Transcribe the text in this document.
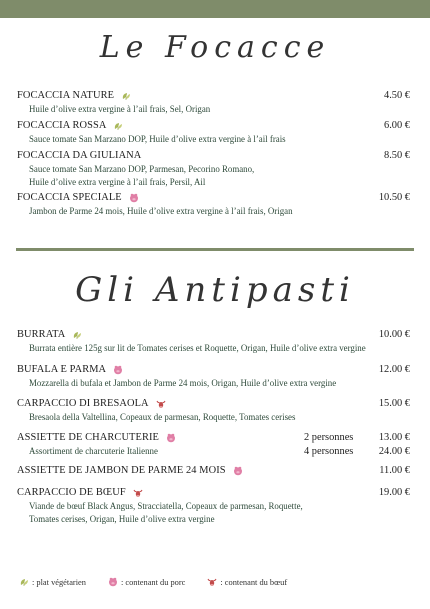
Le Focacce
FOCACCIA NATURE	4.50 €
Huile d’olive extra vergine à l’ail frais, Sel, Origan
FOCACCIA ROSSA	6.00 €
Sauce tomate San Marzano DOP, Huile d’olive extra vergine à l’ail frais
FOCACCIA DA GIULIANA	8.50 €
Sauce tomate San Marzano DOP, Parmesan, Pecorino Romano,
Huile d’olive extra vergine à l’ail frais, Persil, Ail
FOCACCIA SPECIALE	10.50 €
Jambon de Parme 24 mois, Huile d’olive extra vergine à l’ail frais, Origan
Gli Antipasti
BURRATA	10.00 €
Burrata entière 125g sur lit de Tomates cerises et Roquette, Origan, Huile d’olive extra vergine
BUFALA E PARMA	12.00 €
Mozzarella di bufala et Jambon de Parme 24 mois, Origan, Huile d’olive extra vergine
CARPACCIO DI BRESAOLA	15.00 €
Bresaola della Valtellina, Copeaux de parmesan, Roquette, Tomates cerises
ASSIETTE DE CHARCUTERIE	2 personnes 13.00 €
Assortiment de charcuterie Italienne	4 personnes 24.00 €
ASSIETTE DE JAMBON DE PARME 24 MOIS	11.00 €
CARPACCIO DE BŒUF	19.00 €
Viande de bœuf Black Angus, Stracciatella, Copeaux de parmesan, Roquette,
Tomates cerises, Origan, Huile d’olive extra vergine
: plat végétarien	: contenant du porc	: contenant du bœuf
